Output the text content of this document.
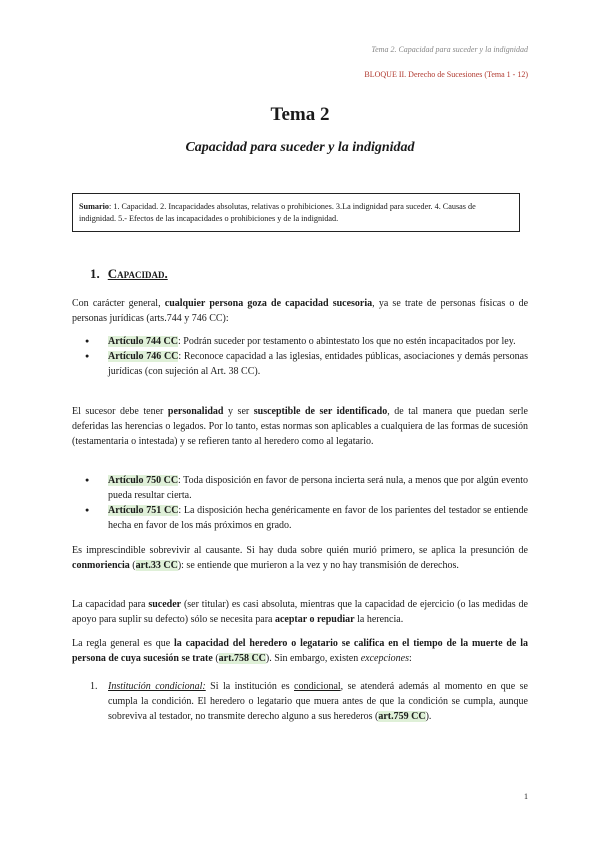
Tema 2. Capacidad para suceder y la indignidad
BLOQUE II. Derecho de Sucesiones (Tema 1 - 12)
Tema 2
Capacidad para suceder y la indignidad
Sumario: 1. Capacidad. 2. Incapacidades absolutas, relativas o prohibiciones. 3.La indignidad para suceder. 4. Causas de indignidad. 5.- Efectos de las incapacidades o prohibiciones y de la indignidad.
1. Capacidad.

Con carácter general, cualquier persona goza de capacidad sucesoria, ya se trate de personas físicas o de personas jurídicas (arts.744 y 746 CC):

● Artículo 744 CC: Podrán suceder por testamento o abintestato los que no estén incapacitados por ley.
● Artículo 746 CC: Reconoce capacidad a las iglesias, entidades públicas, asociaciones y demás personas jurídicas (con sujeción al Art. 38 CC).

El sucesor debe tener personalidad y ser susceptible de ser identificado, de tal manera que puedan serle deferidas las herencias o legados. Por lo tanto, estas normas son aplicables a cualquiera de las formas de sucesión (testamentaria o intestada) y se refieren tanto al heredero como al legatario.

● Artículo 750 CC: Toda disposición en favor de persona incierta será nula, a menos que por algún evento pueda resultar cierta.
● Artículo 751 CC: La disposición hecha genéricamente en favor de los parientes del testador se entiende hecha en favor de los más próximos en grado.

Es imprescindible sobrevivir al causante. Si hay duda sobre quién murió primero, se aplica la presunción de conmoriencia (art.33 CC): se entiende que murieron a la vez y no hay transmisión de derechos.

La capacidad para suceder (ser titular) es casi absoluta, mientras que la capacidad de ejercicio (o las medidas de apoyo para suplir su defecto) sólo se necesita para aceptar o repudiar la herencia.

La regla general es que la capacidad del heredero o legatario se califica en el tiempo de la muerte de la persona de cuya sucesión se trate (art.758 CC). Sin embargo, existen excepciones:

1. Institución condicional: Si la institución es condicional, se atenderá además al momento en que se cumpla la condición. El heredero o legatario que muera antes de que la condición se cumpla, aunque sobreviva al testador, no transmite derecho alguno a sus herederos (art.759 CC).
1
